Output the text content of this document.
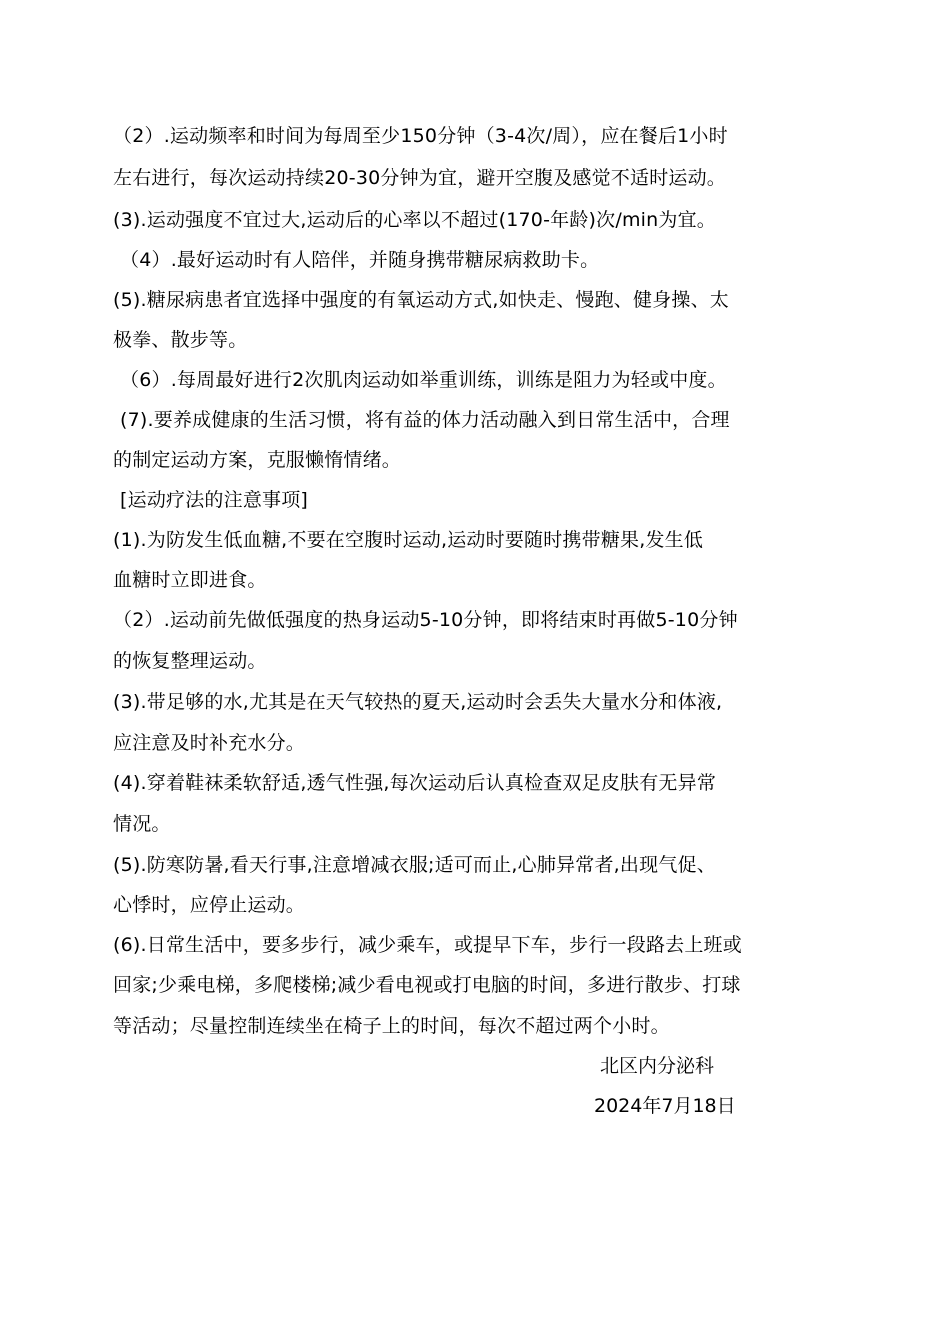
（2）.运动频率和时间为每周至少150分钟（3-4次/周），应在餐后1小时
左右进行，每次运动持续20-30分钟为宜，避开空腹及感觉不适时运动。
(3).运动强度不宜过大,运动后的心率以不超过(170-年龄)次/min为宜。
（4）.最好运动时有人陪伴，并随身携带糖尿病救助卡。
(5).糖尿病患者宜选择中强度的有氧运动方式,如快走、慢跑、健身操、太
极拳、散步等。
（6）.每周最好进行2次肌肉运动如举重训练，训练是阻力为轻或中度。
(7).要养成健康的生活习惯，将有益的体力活动融入到日常生活中，合理
的制定运动方案，克服懒惰情绪。
[运动疗法的注意事项]
(1).为防发生低血糖,不要在空腹时运动,运动时要随时携带糖果,发生低
血糖时立即进食。
（2）.运动前先做低强度的热身运动5-10分钟，即将结束时再做5-10分钟
的恢复整理运动。
(3).带足够的水,尤其是在天气较热的夏天,运动时会丢失大量水分和体液,
应注意及时补充水分。
(4).穿着鞋袜柔软舒适,透气性强,每次运动后认真检查双足皮肤有无异常
情况。
(5).防寒防暑,看天行事,注意增减衣服;适可而止,心肺异常者,出现气促、
心悸时，应停止运动。
(6).日常生活中，要多步行，减少乘车，或提早下车，步行一段路去上班或
回家;少乘电梯，多爬楼梯;减少看电视或打电脑的时间，多进行散步、打球
等活动；尽量控制连续坐在椅子上的时间，每次不超过两个小时。
北区内分泌科
2024年7月18日
